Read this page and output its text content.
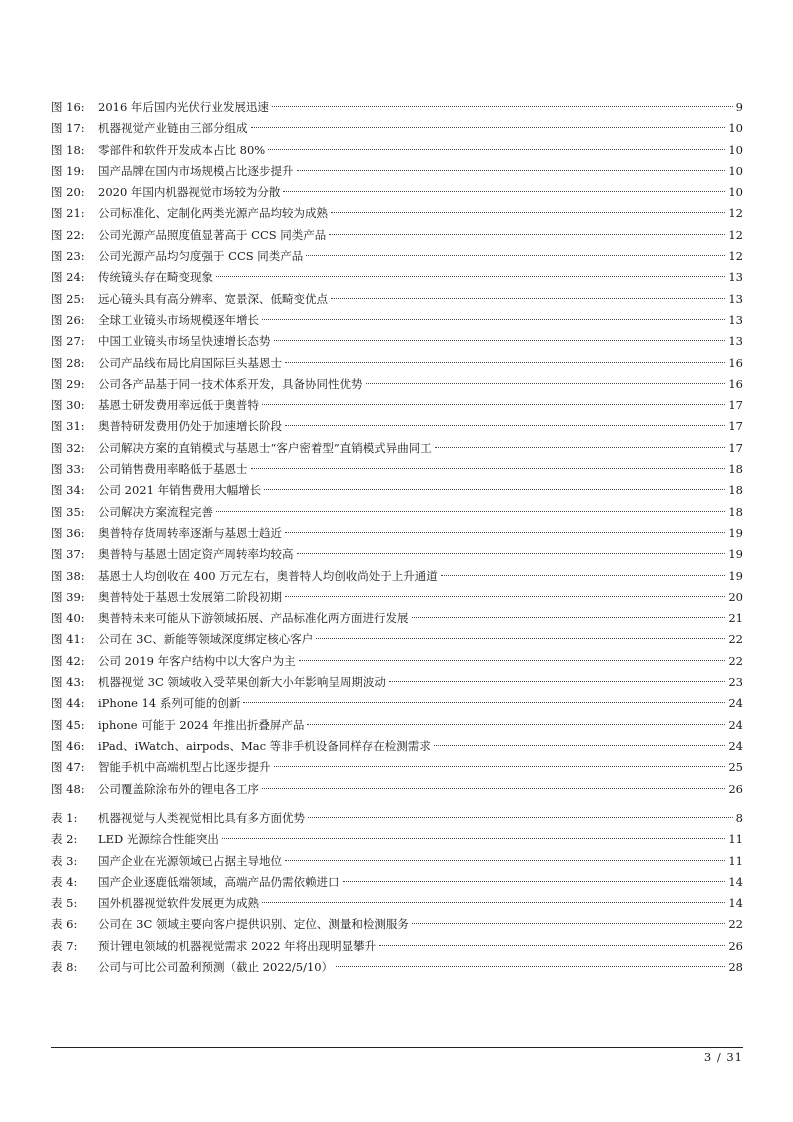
图 16:	2016 年后国内光伏行业发展迅速	9
图 17:	机器视觉产业链由三部分组成	10
图 18:	零部件和软件开发成本占比 80%	10
图 19:	国产品牌在国内市场规模占比逐步提升	10
图 20:	2020 年国内机器视觉市场较为分散	10
图 21:	公司标准化、定制化两类光源产品均较为成熟	12
图 22:	公司光源产品照度值显著高于 CCS 同类产品	12
图 23:	公司光源产品均匀度强于 CCS 同类产品	12
图 24:	传统镜头存在畸变现象	13
图 25:	远心镜头具有高分辨率、宽景深、低畸变优点	13
图 26:	全球工业镜头市场规模逐年增长	13
图 27:	中国工业镜头市场呈快速增长态势	13
图 28:	公司产品线布局比肩国际巨头基恩士	16
图 29:	公司各产品基于同一技术体系开发，具备协同性优势	16
图 30:	基恩士研发费用率远低于奥普特	17
图 31:	奥普特研发费用仍处于加速增长阶段	17
图 32:	公司解决方案的直销模式与基恩士“客户密着型”直销模式异曲同工	17
图 33:	公司销售费用率略低于基恩士	18
图 34:	公司 2021 年销售费用大幅增长	18
图 35:	公司解决方案流程完善	18
图 36:	奥普特存货周转率逐渐与基恩士趋近	19
图 37:	奥普特与基恩士固定资产周转率均较高	19
图 38:	基恩士人均创收在 400 万元左右，奥普特人均创收尚处于上升通道	19
图 39:	奥普特处于基恩士发展第二阶段初期	20
图 40:	奥普特未来可能从下游领域拓展、产品标准化两方面进行发展	21
图 41:	公司在 3C、新能等领域深度绑定核心客户	22
图 42:	公司 2019 年客户结构中以大客户为主	22
图 43:	机器视觉 3C 领域收入受苹果创新大小年影响呈周期波动	23
图 44:	iPhone 14 系列可能的创新	24
图 45:	iphone 可能于 2024 年推出折叠屏产品	24
图 46:	iPad、iWatch、airpods、Mac 等非手机设备同样存在检测需求	24
图 47:	智能手机中高端机型占比逐步提升	25
图 48:	公司覆盖除涂布外的锂电各工序	26
表 1:	机器视觉与人类视觉相比具有多方面优势	8
表 2:	LED 光源综合性能突出	11
表 3:	国产企业在光源领域已占据主导地位	11
表 4:	国产企业逐鹿低端领域，高端产品仍需依赖进口	14
表 5:	国外机器视觉软件发展更为成熟	14
表 6:	公司在 3C 领域主要向客户提供识别、定位、测量和检测服务	22
表 7:	预计锂电领域的机器视觉需求 2022 年将出现明显攀升	26
表 8:	公司与可比公司盈利预测（截止 2022/5/10）	28
3 / 31
